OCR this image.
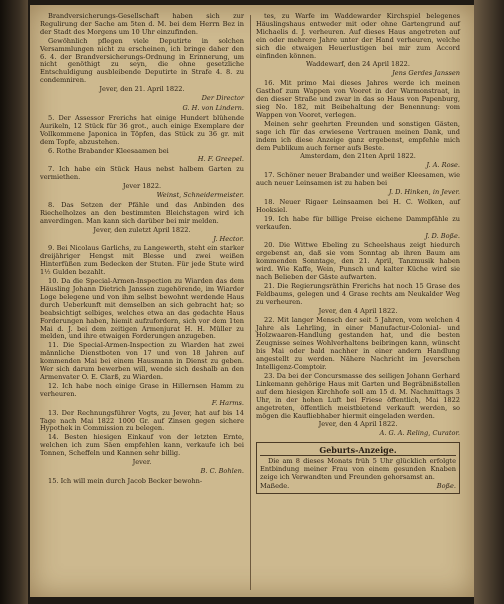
Brandversicherungs-Gesellschaft haben sich zur Regulirung der Sache am 5ten d. M. bei dem Herrn Bez in der Stadt des Morgens um 10 Uhr einzufinden.

Gewöhnlich pflegen viele Deputirte in solchen Versammlungen nicht zu erscheinen, ich bringe daher den 6. 4. der Brandversicherungs-Ordnung in Erinnerung, um nicht genöthigt zu seyn, die ohne gesetzliche Entschuldigung ausbleibende Deputirte in Strafe 4. 8. zu condemniren.

Jever, den 21. April 1822.
Der Director
G. H. von Lindern.

5. Der Assessor Frerichs hat einige Hundert blühende Aurikeln, 12 Stück für 36 grot., auch einige Exemplare der Vollkommene Japonica in Töpfen, das Stück zu 36 gr. mit dem Topfe, abzustehen.

6. Rothe Brabander Kleesaamen bei

H. F. Greepel.

7. Ich habe ein Stück Haus nebst halbem Garten zu vermiethen.

Jever 1822.
Weinst, Schneidermeister.

8. Das Setzen der Pfähle und das Anbinden des Riechelholzes an den bestimmten Bleichstagen wird ich anverdingen. Man kann sich darüber bei mir melden.

Jever, den zuletzt April 1822.
J. Hector.

9. Bei Nicolaus Garlichs, zu Langewerth, steht ein starker dreijähriger Hengst mit Blesse und zwei weißen Hinterfüßen zum Bedecken der Stuten. Für jede Stute wird 1½ Gulden bezahlt.

10. Da die Special-Armen-Inspection zu Wiarden das dem Häusling Johann Dietrich Janssen zugehörende, im Wiarder Loge belegene und von ihm selbst bewohnt werdende Haus durch Ueberkunft mit demselben an sich gebracht hat; so beabsichtigt selbiges, welches etwa an das gedachte Haus Forderungen haben, hiemit aufzufordern, sich vor dem 1ten Mai d. J. bei dem zeitigen Armenjurat H. H. Müller zu melden, und ihre etwaigen Forderungen anzugeben.

11. Die Special-Armen-Inspection zu Wiarden hat zwei männliche Dienstboten von 17 und von 18 Jahren auf kommenden Mai bei einem Hausmann in Dienst zu geben. Wer sich darum bewerben will, wende sich deshalb an den Armenvater O. E. Clarß, zu Wiarden.

12. Ich habe noch einige Grase in Hillernsen Hamm zu verheuren.

F. Harms.

13. Der Rechnungsführer Vogts, zu Jever, hat auf bis 14 Tage nach Mai 1822 1000 Gr. auf Zinsen gegen sichere Hypothek in Commission zu belegen.

14. Besten hiesigen Einkauf von der letzten Ernte, welchen ich zum Säen empfehlen kann, verkaufe ich bei Tonnen, Scheffeln und Kannen sehr billig.

Jever.
B. C. Bohlen.

15. Ich will mein durch Jacob Becker bewohn-

tes, zu Warfe im Waddewarder Kirchspiel belegenes Häuslingshaus entweder mit oder ohne Gartengrund auf Michaelis d. J. verheuren. Auf dieses Haus angetreten auf ein oder mehrere Jahre unter der Hand verheuren, welche sich die etwaigen Heuerlustigen bei mir zum Accord einfinden können.

Waddewarf, den 24 April 1822.
Jens Gerdes Janssen

16. Mit primo Mai dieses Jahres werde ich meinen Gasthof zum Wappen von Vooret in der Warmonstraat, in den dieser Straße und zwar in das so Haus von Papenburg, sieg No. 182, mit Beibehaltung der Benennung: vom Wappen von Vooret, verlegen.

Meinen sehr geehrten Freunden und sonstigen Gästen, sage ich für das erwiesene Vertrauen meinen Dank, und indem ich diese Anzeige ganz ergebenst, empfehle mich dem Publikum auch ferner aufs Beste.

Amsterdam, den 21ten April 1822.
J. A. Rose.

17. Schöner neuer Brabander und weißer Kleesamen, wie auch neuer Leinsamen ist zu haben bei

J. D. Hinken, in Jever.

18. Neuer Rigaer Leinsaamen bei H. C. Wolken, auf Hooksiel.

19. Ich habe für billige Preise eichene Dammpfähle zu verkaufen.

J. D. Boße.

20. Die Wittwe Ebeling zu Scheelshaus zeigt hiedurch ergebenst an, daß sie vom Sonntag ab ihren Baum am kommenden Sonntage, den 21. April, Tanzmusik haben wird. Wie Kaffe, Wein, Punsch und kalter Küche wird sie nach Belieben der Gäste aufwarten.

21. Die Regierungsräthin Frerichs hat noch 15 Grase des Feldbaums, gelegen und 4 Grase rechts am Neukalder Weg zu verheuren.

Jever, den 4 April 1822.

22. Mit langer Mensch der seit 5 Jahren, vom welchen 4 Jahre als Lehrling, in einer Manufactur-Colonial- und Holzwaaren-Handlung gestanden hat, und die besten Zeugnisse seines Wohlverhaltens beibringen kann, wünscht bis Mai oder bald nachher in einer andern Handlung angestellt zu werden. Nähere Nachricht im Jeverschen Intelligenz-Comptoir.

23. Da bei der Concursmasse des seiligen Johann Gerhard Linkemann gehörige Haus mit Garten und Begräbnißstellen auf dem hiesigen Kirchhofe soll am 15 d. M. Nachmittags 3 Uhr, in der hohen Luft bei Friese öffentlich, Mai 1822 angetreten, öffentlich meistbietend verkauft werden, so mögen die Kaufliebhaber hiermit eingeladen werden.

Jever, den 4 April 1822.
A. G. A. Reling, Curator.
Geburts-Anzeige.

Die am 8 dieses Monats früh 5 Uhr glücklich erfolgte Entbindung meiner Frau von einem gesunden Knaben zeige ich Verwandten und Freunden gehorsamst an.

Maßede.	Boße.
